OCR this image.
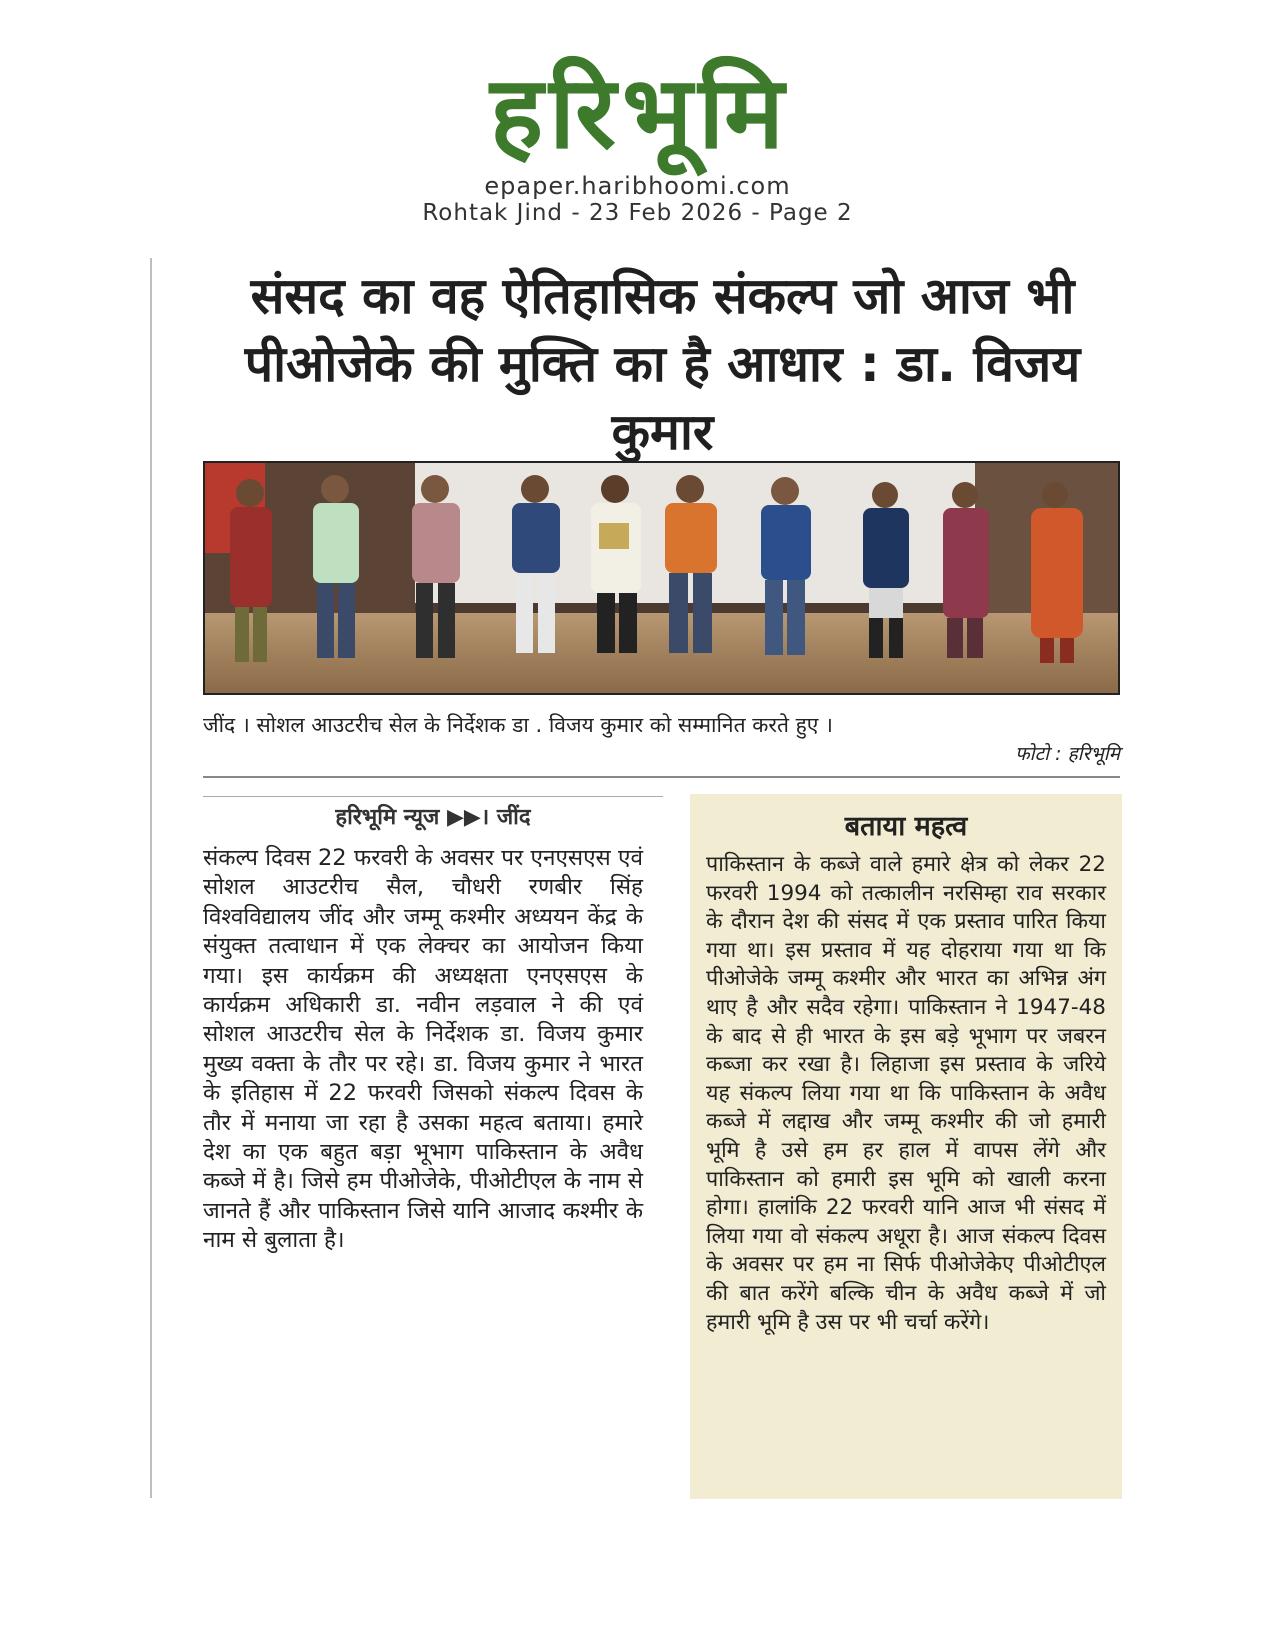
हरिभूमि
epaper.haribhoomi.com
Rohtak Jind - 23 Feb 2026 - Page 2
संसद का वह ऐतिहासिक संकल्प जो आज भी पीओजेके की मुक्ति का है आधार : डा. विजय कुमार
जींद । सोशल आउटरीच सेल के निर्देशक डा . विजय कुमार को सम्मानित करते हुए ।
फोटो : हरिभूमि
हरिभूमि न्यूज ▶▶। जींद

संकल्प दिवस 22 फरवरी के अवसर पर एनएसएस एवं सोशल आउटरीच सैल, चौधरी रणबीर सिंह विश्वविद्यालय जींद और जम्मू कश्मीर अध्ययन केंद्र के संयुक्त तत्वाधान में एक लेक्चर का आयोजन किया गया। इस कार्यक्रम की अध्यक्षता एनएसएस के कार्यक्रम अधिकारी डा. नवीन लड़वाल ने की एवं सोशल आउटरीच सेल के निर्देशक डा. विजय कुमार मुख्य वक्ता के तौर पर रहे। डा. विजय कुमार ने भारत के इतिहास में 22 फरवरी जिसको संकल्प दिवस के तौर में मनाया जा रहा है उसका महत्व बताया। हमारे देश का एक बहुत बड़ा भूभाग पाकिस्तान के अवैध कब्जे में है। जिसे हम पीओजेके, पीओटीएल के नाम से जानते हैं और पाकिस्तान जिसे यानि आजाद कश्मीर के नाम से बुलाता है।

बताया महत्व

पाकिस्तान के कब्जे वाले हमारे क्षेत्र को लेकर 22 फरवरी 1994 को तत्कालीन नरसिम्हा राव सरकार के दौरान देश की संसद में एक प्रस्ताव पारित किया गया था। इस प्रस्ताव में यह दोहराया गया था कि पीओजेके जम्मू कश्मीर और भारत का अभिन्न अंग थाए है और सदैव रहेगा। पाकिस्तान ने 1947-48 के बाद से ही भारत के इस बड़े भूभाग पर जबरन कब्जा कर रखा है। लिहाजा इस प्रस्ताव के जरिये यह संकल्प लिया गया था कि पाकिस्तान के अवैध कब्जे में लद्दाख और जम्मू कश्मीर की जो हमारी भूमि है उसे हम हर हाल में वापस लेंगे और पाकिस्तान को हमारी इस भूमि को खाली करना होगा। हालांकि 22 फरवरी यानि आज भी संसद में लिया गया वो संकल्प अधूरा है। आज संकल्प दिवस के अवसर पर हम ना सिर्फ पीओजेकेए पीओटीएल की बात करेंगे बल्कि चीन के अवैध कब्जे में जो हमारी भूमि है उस पर भी चर्चा करेंगे।
